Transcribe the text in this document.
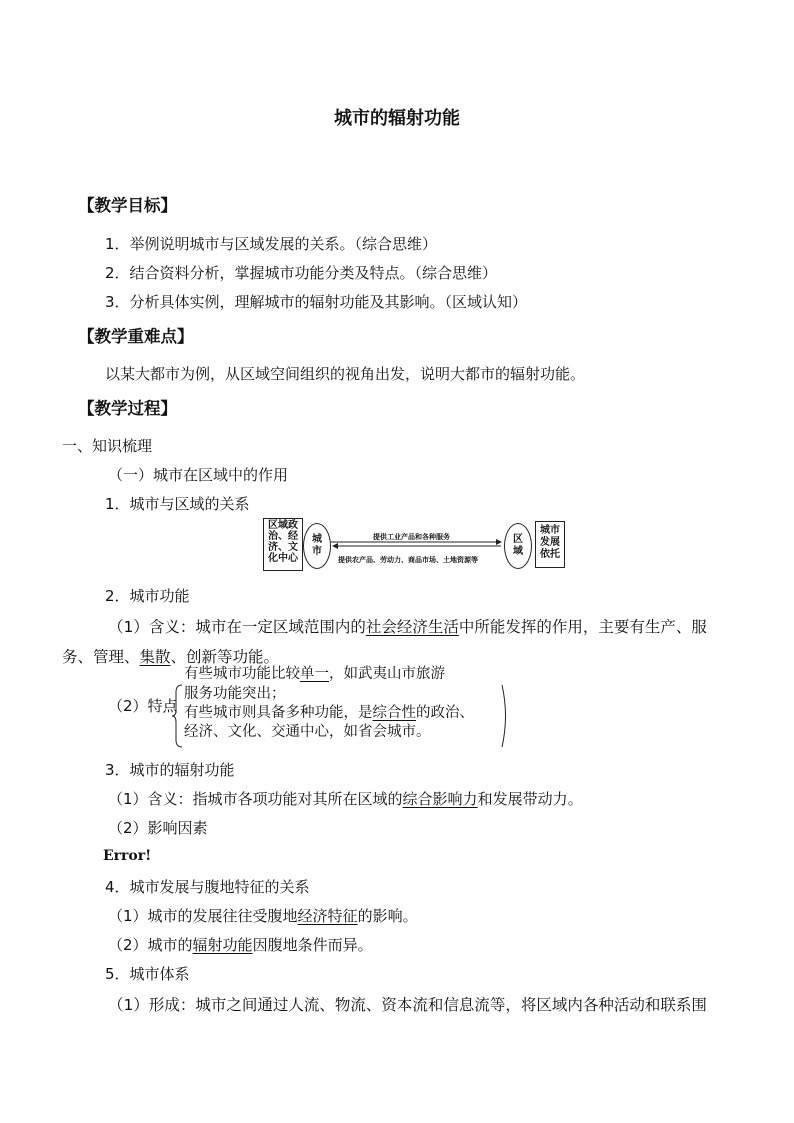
城市的辐射功能
【教学目标】
1．举例说明城市与区域发展的关系。（综合思维）
2．结合资料分析，掌握城市功能分类及特点。（综合思维）
3．分析具体实例，理解城市的辐射功能及其影响。（区域认知）
【教学重难点】
以某大都市为例，从区域空间组织的视角出发，说明大都市的辐射功能。
【教学过程】
一、知识梳理
（一）城市在区域中的作用
1．城市与区域的关系
区域政
治、经
济、文
化中心
城
市
提供工业产品和各种服务
提供农产品、劳动力、商品市场、土地资源等
区
域
城市
发展
依托
2．城市功能
（1）含义：城市在一定区域范围内的社会经济生活中所能发挥的作用，主要有生产、服
务、管理、集散、创新等功能。
（2）特点
有些城市功能比较单一，如武夷山市旅游
服务功能突出；
有些城市则具备多种功能，是综合性的政治、
经济、文化、交通中心，如省会城市。
3．城市的辐射功能
（1）含义：指城市各项功能对其所在区域的综合影响力和发展带动力。
（2）影响因素
Error!
4．城市发展与腹地特征的关系
（1）城市的发展往往受腹地经济特征的影响。
（2）城市的辐射功能因腹地条件而异。
5．城市体系
（1）形成：城市之间通过人流、物流、资本流和信息流等，将区域内各种活动和联系围
